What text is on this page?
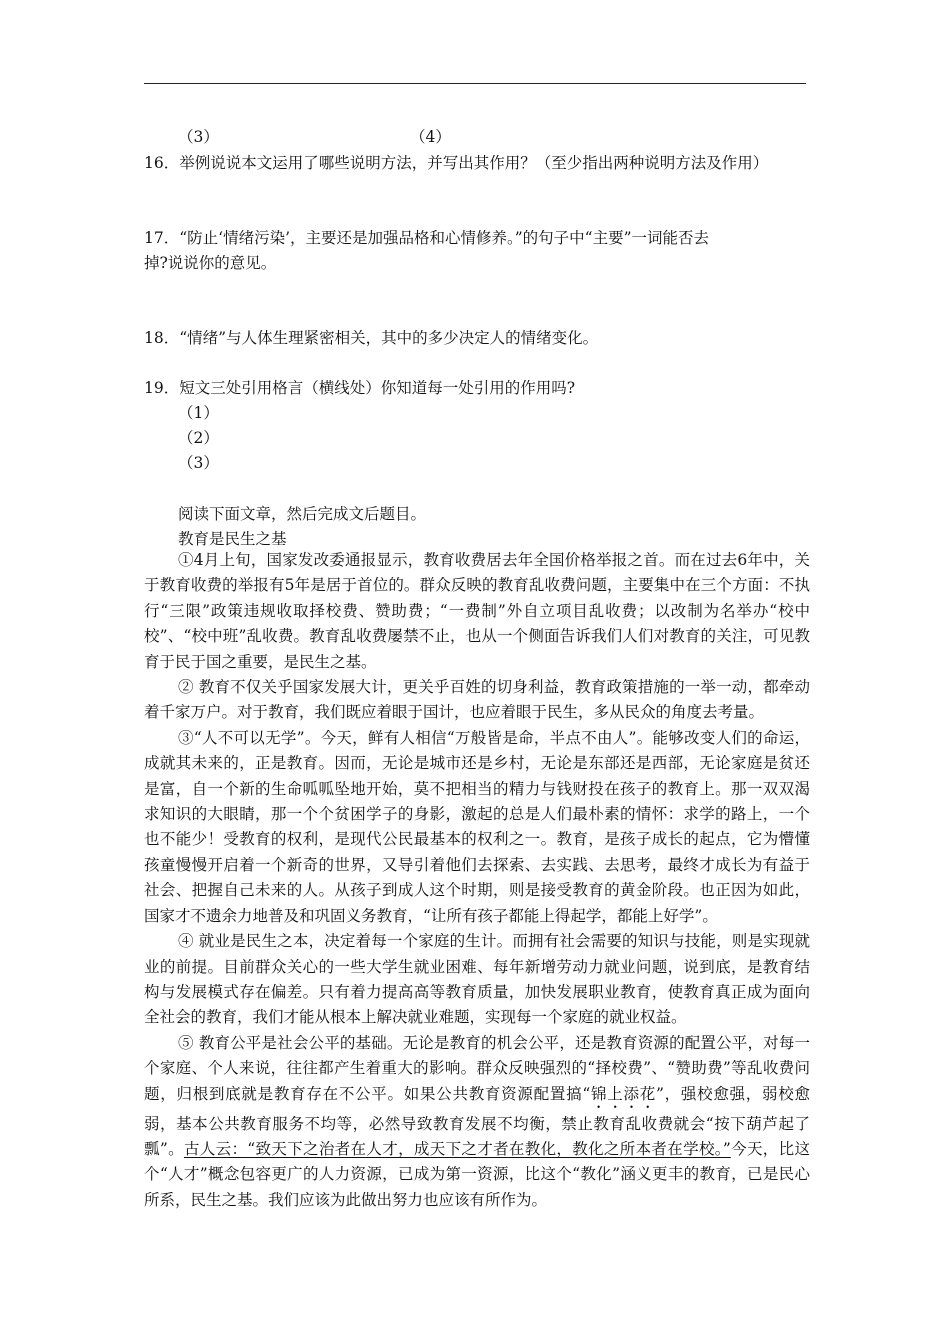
（3）	（4）
16．举例说说本文运用了哪些说明方法，并写出其作用？（至少指出两种说明方法及作用）
17．“防止‘情绪污染’，主要还是加强品格和心情修养。”的句子中“主要”一词能否去
掉?说说你的意见。
18．“情绪”与人体生理紧密相关，其中的多少决定人的情绪变化。
19．短文三处引用格言（横线处）你知道每一处引用的作用吗?
（1）
（2）
（3）
阅读下面文章，然后完成文后题目。
教育是民生之基
①4月上旬，国家发改委通报显示，教育收费居去年全国价格举报之首。而在过去6年中，关于教育收费的举报有5年是居于首位的。群众反映的教育乱收费问题，主要集中在三个方面：不执行“三限”政策违规收取择校费、赞助费；“一费制”外自立项目乱收费；以改制为名举办“校中校”、“校中班”乱收费。教育乱收费屡禁不止，也从一个侧面告诉我们人们对教育的关注，可见教育于民于国之重要，是民生之基。
② 教育不仅关乎国家发展大计，更关乎百姓的切身利益，教育政策措施的一举一动，都牵动着千家万户。对于教育，我们既应着眼于国计，也应着眼于民生，多从民众的角度去考量。
③“人不可以无学”。今天，鲜有人相信“万般皆是命，半点不由人”。能够改变人们的命运，成就其未来的，正是教育。因而，无论是城市还是乡村，无论是东部还是西部，无论家庭是贫还是富，自一个新的生命呱呱坠地开始，莫不把相当的精力与钱财投在孩子的教育上。那一双双渴求知识的大眼睛，那一个个贫困学子的身影，激起的总是人们最朴素的情怀：求学的路上，一个也不能少！受教育的权利，是现代公民最基本的权利之一。教育，是孩子成长的起点，它为懵懂孩童慢慢开启着一个新奇的世界，又导引着他们去探索、去实践、去思考，最终才成长为有益于社会、把握自己未来的人。从孩子到成人这个时期，则是接受教育的黄金阶段。也正因为如此，国家才不遗余力地普及和巩固义务教育，“让所有孩子都能上得起学，都能上好学”。
④ 就业是民生之本，决定着每一个家庭的生计。而拥有社会需要的知识与技能，则是实现就业的前提。目前群众关心的一些大学生就业困难、每年新增劳动力就业问题，说到底，是教育结构与发展模式存在偏差。只有着力提高高等教育质量，加快发展职业教育，使教育真正成为面向全社会的教育，我们才能从根本上解决就业难题，实现每一个家庭的就业权益。
⑤ 教育公平是社会公平的基础。无论是教育的机会公平，还是教育资源的配置公平，对每一个家庭、个人来说，往往都产生着重大的影响。群众反映强烈的“择校费”、“赞助费”等乱收费问题，归根到底就是教育存在不公平。如果公共教育资源配置搞“锦上添花”，强校愈强，弱校愈弱，基本公共教育服务不均等，必然导致教育发展不均衡，禁止教育乱收费就会“按下葫芦起了瓢”。古人云：“致天下之治者在人才，成天下之才者在教化，教化之所本者在学校。”今天，比这个“人才”概念包容更广的人力资源，已成为第一资源，比这个“教化”涵义更丰的教育，已是民心所系，民生之基。我们应该为此做出努力也应该有所作为。
